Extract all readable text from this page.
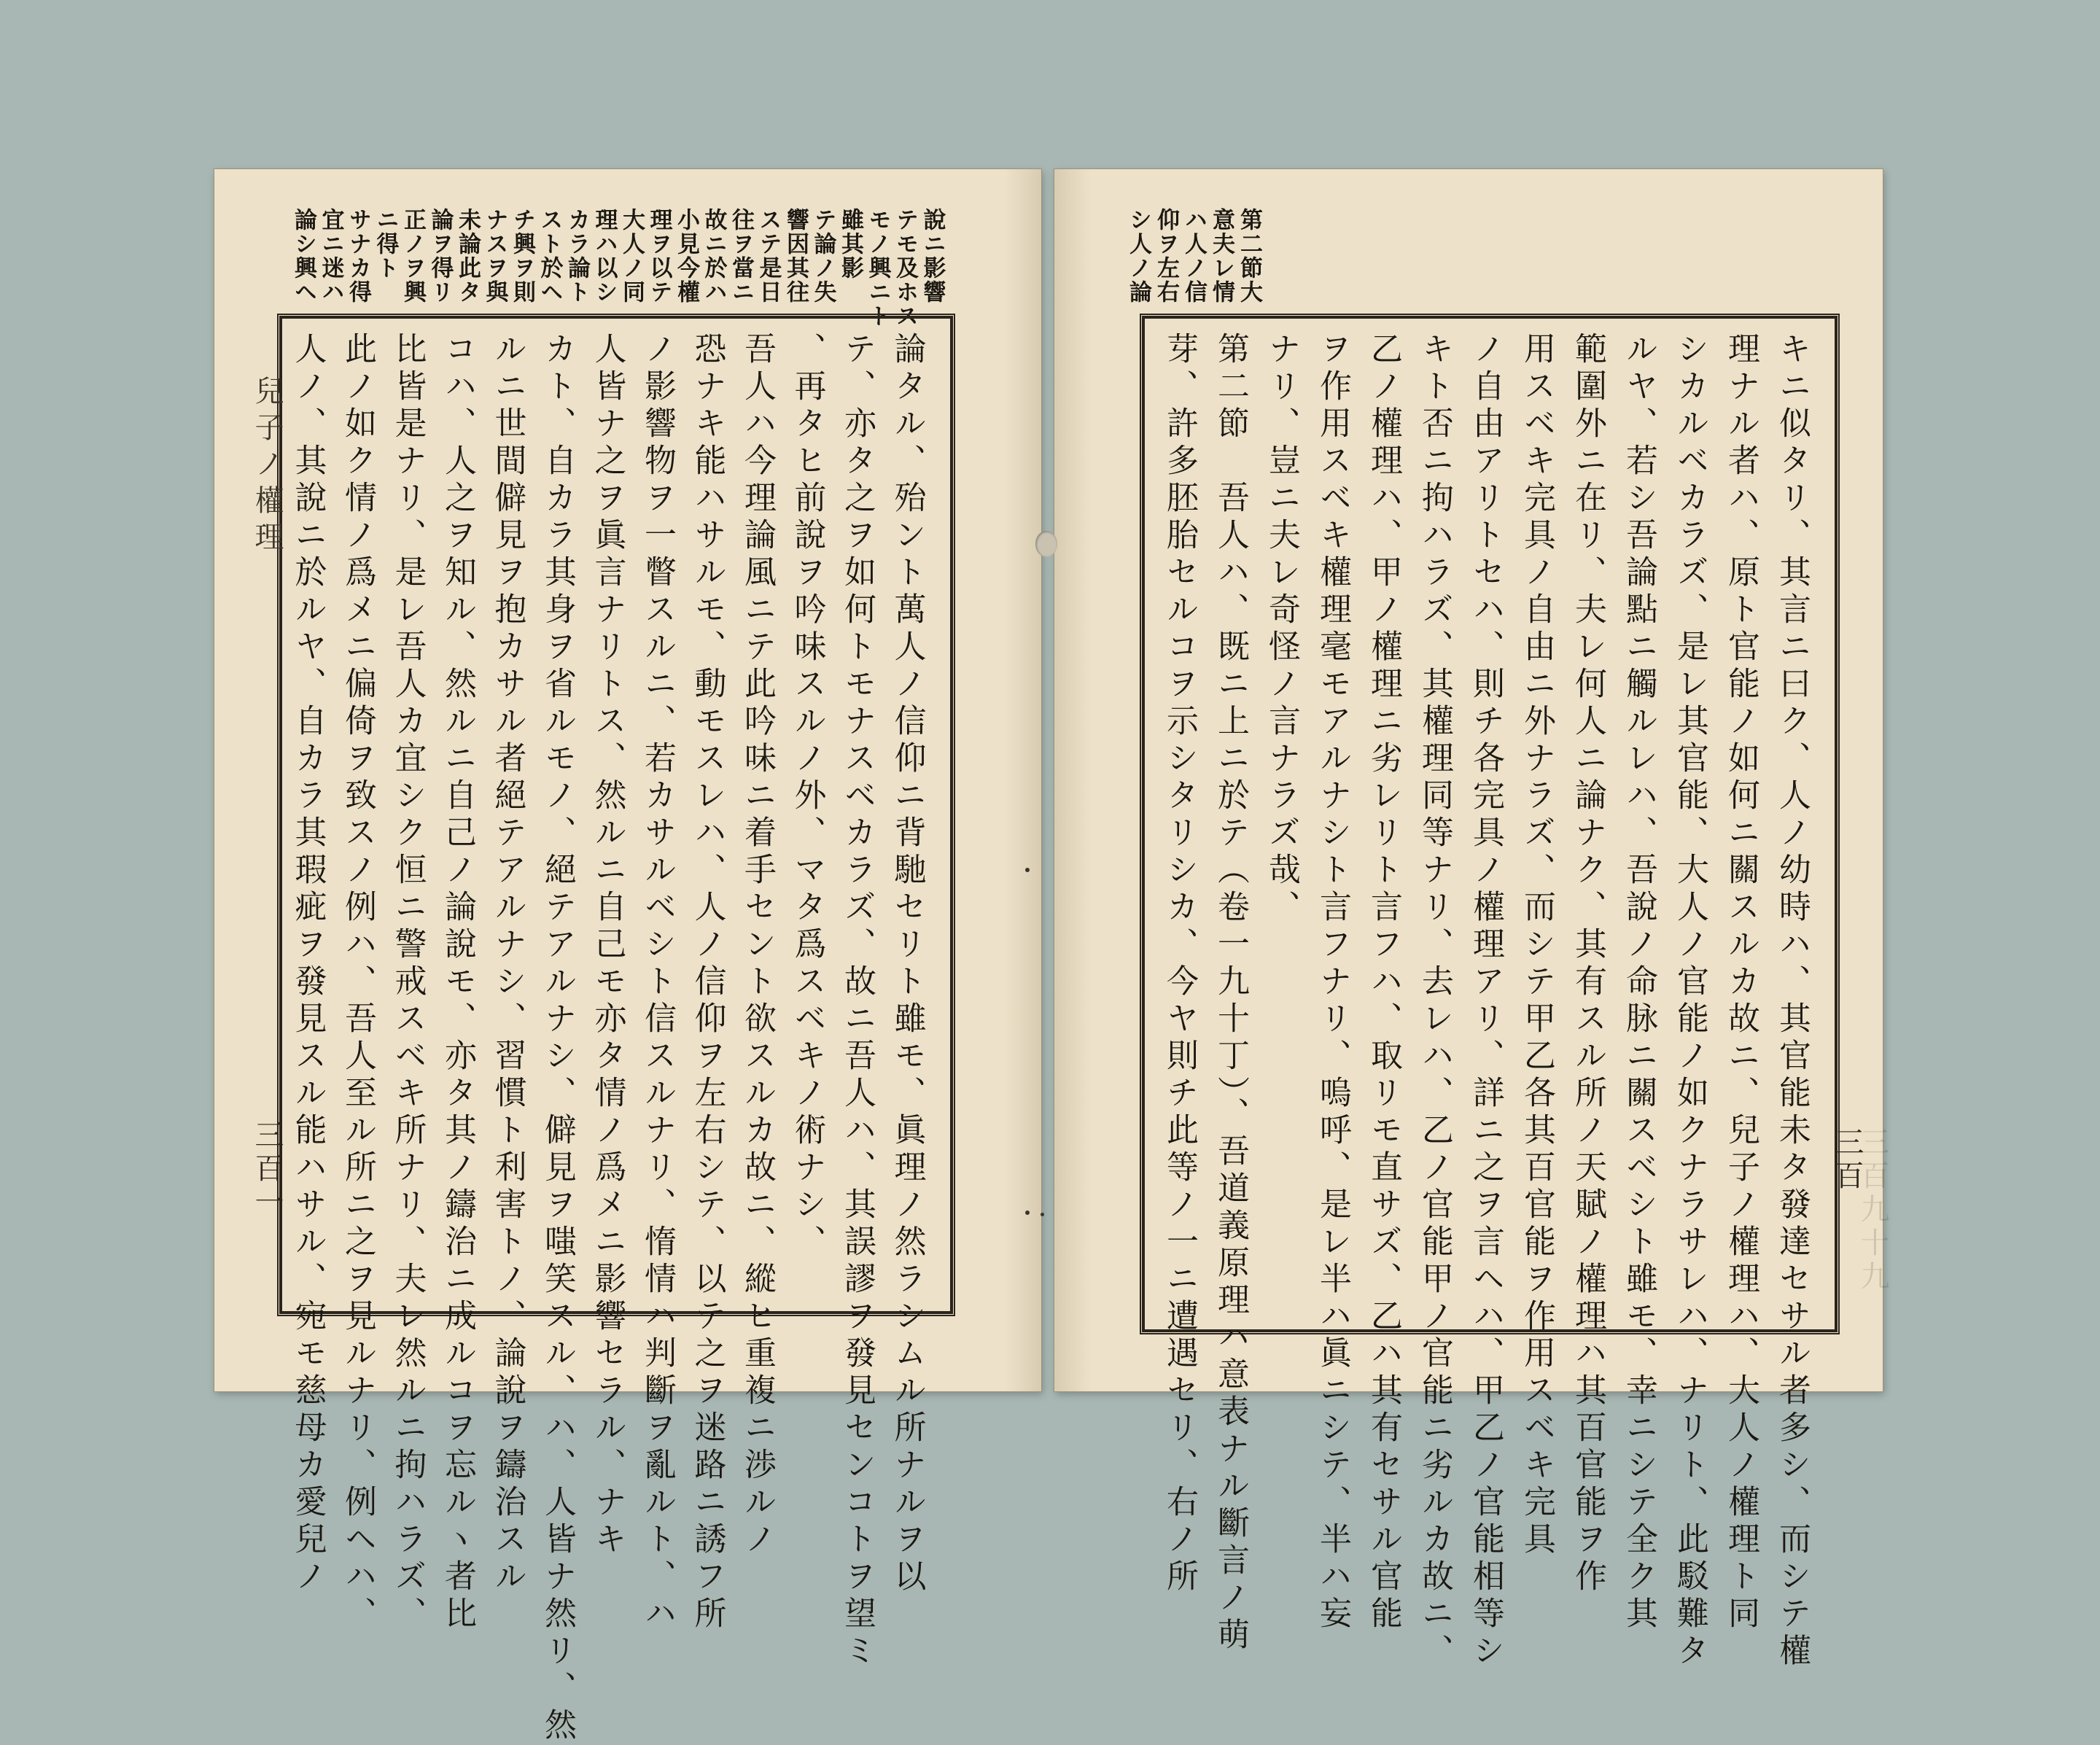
說ニ影響
テモ及ホス
モノ興ニト
雖其影
テ論ノ失
響因其往
ステ是日
往ヲ當ニ
故ニ於ハ
小見今權
理ヲ以テ
大人ノ同
理ハ以シ
カラ論ト
スト於ヘ
チ興ヲ則
ナスヲ與
未論此タ
論ヲ得リ
正ノヲ興
ニ得ト
サナカ得
宜ニ迷ハ
論シ興ヘ
論タル、殆ント萬人ノ信仰ニ背馳セリト雖モ、眞理ノ然ラシムル所ナルヲ以
テ、亦タ之ヲ如何トモナスベカラズ、故ニ吾人ハ、其誤謬ヲ發見センコトヲ望ミ
、再タヒ前說ヲ吟味スルノ外、マタ爲スベキノ術ナシ、
吾人ハ今理論風ニテ此吟味ニ着手セント欲スルカ故ニ、縱ヒ重複ニ渉ルノ
恐ナキ能ハサルモ、動モスレハ、人ノ信仰ヲ左右シテ、以テ之ヲ迷路ニ誘フ所
ノ影響物ヲ一瞥スルニ、若カサルベシト信スルナリ、惰情ハ判斷ヲ亂ルト、ハ
人皆ナ之ヲ眞言ナリトス、然ルニ自己モ亦タ情ノ爲メニ影響セラル、ナキ
カト、自カラ其身ヲ省ルモノ、絕テアルナシ、僻見ヲ嗤笑スル、ハ、人皆ナ然リ、然
ルニ世間僻見ヲ抱カサル者絕テアルナシ、習慣ト利害トノ、論說ヲ鑄治スル
コハ、人之ヲ知ル、然ルニ自己ノ論說モ、亦タ其ノ鑄治ニ成ルコヲ忘ルヽ者比
比皆是ナリ、是レ吾人カ宜シク恒ニ警戒スベキ所ナリ、夫レ然ルニ拘ハラズ、
此ノ如ク情ノ爲メニ偏倚ヲ致スノ例ハ、吾人至ル所ニ之ヲ見ルナリ、例ヘハ、
人ノ、其說ニ於ルヤ、自カラ其瑕疵ヲ發見スル能ハサル、宛モ慈母カ愛兒ノ
兒子ノ權理
三百一
第二節大
意夫レ情
ハ人ノ信
仰ヲ左右
シ人ノ論
キニ似タリ、其言ニ曰ク、人ノ幼時ハ、其官能未タ發達セサル者多シ、而シテ權
理ナル者ハ、原ト官能ノ如何ニ關スルカ故ニ、兒子ノ權理ハ、大人ノ權理ト同
シカルベカラズ、是レ其官能、大人ノ官能ノ如クナラサレハ、ナリト、此駁難タ
ルヤ、若シ吾論點ニ觸ルレハ、吾說ノ命脉ニ關スベシト雖モ、幸ニシテ全ク其
範圍外ニ在リ、夫レ何人ニ論ナク、其有スル所ノ天賦ノ權理ハ其百官能ヲ作
用スベキ完具ノ自由ニ外ナラズ、而シテ甲乙各其百官能ヲ作用スベキ完具
ノ自由アリトセハ、則チ各完具ノ權理アリ、詳ニ之ヲ言ヘハ、甲乙ノ官能相等シ
キト否ニ拘ハラズ、其權理同等ナリ、去レハ、乙ノ官能甲ノ官能ニ劣ルカ故ニ、
乙ノ權理ハ、甲ノ權理ニ劣レリト言フハ、取リモ直サズ、乙ハ其有セサル官能
ヲ作用スベキ權理毫モアルナシト言フナリ、嗚呼、是レ半ハ眞ニシテ、半ハ妄
ナリ、豈ニ夫レ奇怪ノ言ナラズ哉、
第二節　吾人ハ、既ニ上ニ於テ（卷一九十丁）、吾道義原理ハ意表ナル斷言ノ萌
芽、許多胚胎セルコヲ示シタリシカ、今ヤ則チ此等ノ一ニ遭遇セリ、右ノ所	三百
三百九十九
